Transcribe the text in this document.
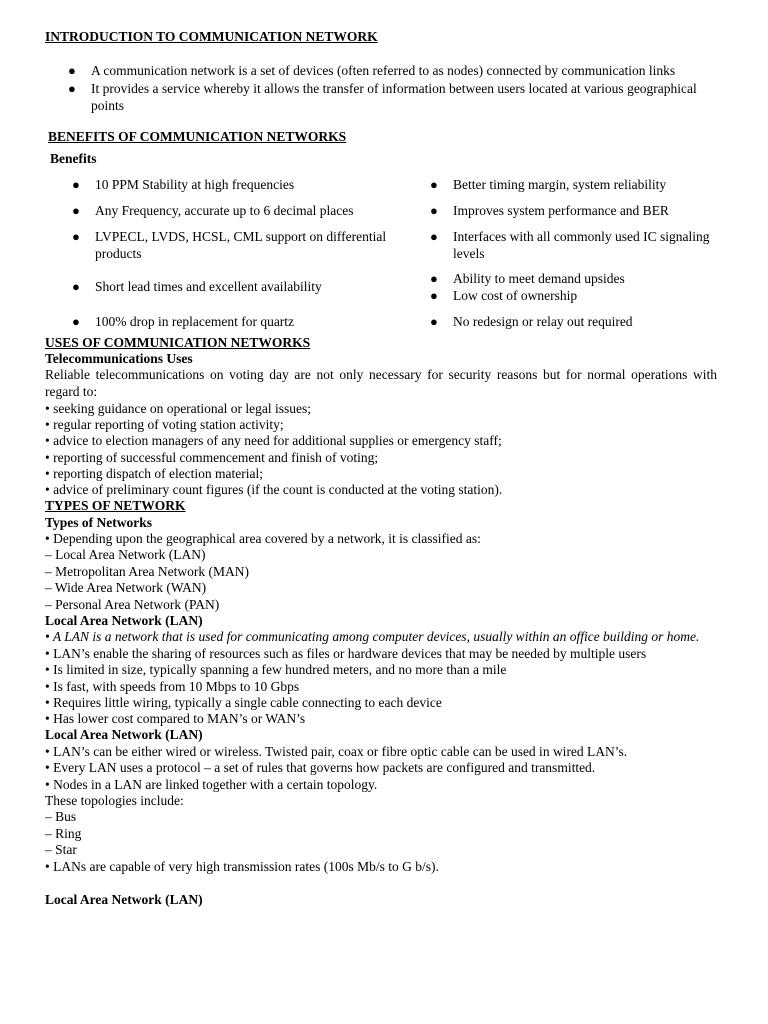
INTRODUCTION TO COMMUNICATION NETWORK

● A communication network is a set of devices (often referred to as nodes) connected by communication links

● It provides a service whereby it allows the transfer of information between users located at various geographical points

BENEFITS OF COMMUNICATION NETWORKS

Benefits

● 10 PPM Stability at high frequencies

● Any Frequency, accurate up to 6 decimal places

● LVPECL, LVDS, HCSL, CML support on differential products

● Short lead times and excellent availability

● 100% drop in replacement for quartz

● Better timing margin, system reliability

● Improves system performance and BER

● Interfaces with all commonly used IC signaling levels

● Ability to meet demand upsides

● Low cost of ownership

● No redesign or relay out required

USES OF COMMUNICATION NETWORKS

Telecommunications Uses

Reliable telecommunications on voting day are not only necessary for security reasons but for normal operations with regard to:

• seeking guidance on operational or legal issues;

• regular reporting of voting station activity;

• advice to election managers of any need for additional supplies or emergency staff;

• reporting of successful commencement and finish of voting;

• reporting dispatch of election material;

• advice of preliminary count figures (if the count is conducted at the voting station).

TYPES OF NETWORK

Types of Networks

• Depending upon the geographical area covered by a network, it is classified as:

– Local Area Network (LAN)

– Metropolitan Area Network (MAN)

– Wide Area Network (WAN)

– Personal Area Network (PAN)

Local Area Network (LAN)

• A LAN is a network that is used for communicating among computer devices, usually within an office building or home.

• LAN’s enable the sharing of resources such as files or hardware devices that may be needed by multiple users

• Is limited in size, typically spanning a few hundred meters, and no more than a mile

• Is fast, with speeds from 10 Mbps to 10 Gbps

• Requires little wiring, typically a single cable connecting to each device

• Has lower cost compared to MAN’s or WAN’s

Local Area Network (LAN)

• LAN’s can be either wired or wireless. Twisted pair, coax or fibre optic cable can be used in wired LAN’s.

• Every LAN uses a protocol – a set of rules that governs how packets are configured and transmitted.

• Nodes in a LAN are linked together with a certain topology.

These topologies include:

– Bus

– Ring

– Star

• LANs are capable of very high transmission rates (100s Mb/s to G b/s).

Local Area Network (LAN)
